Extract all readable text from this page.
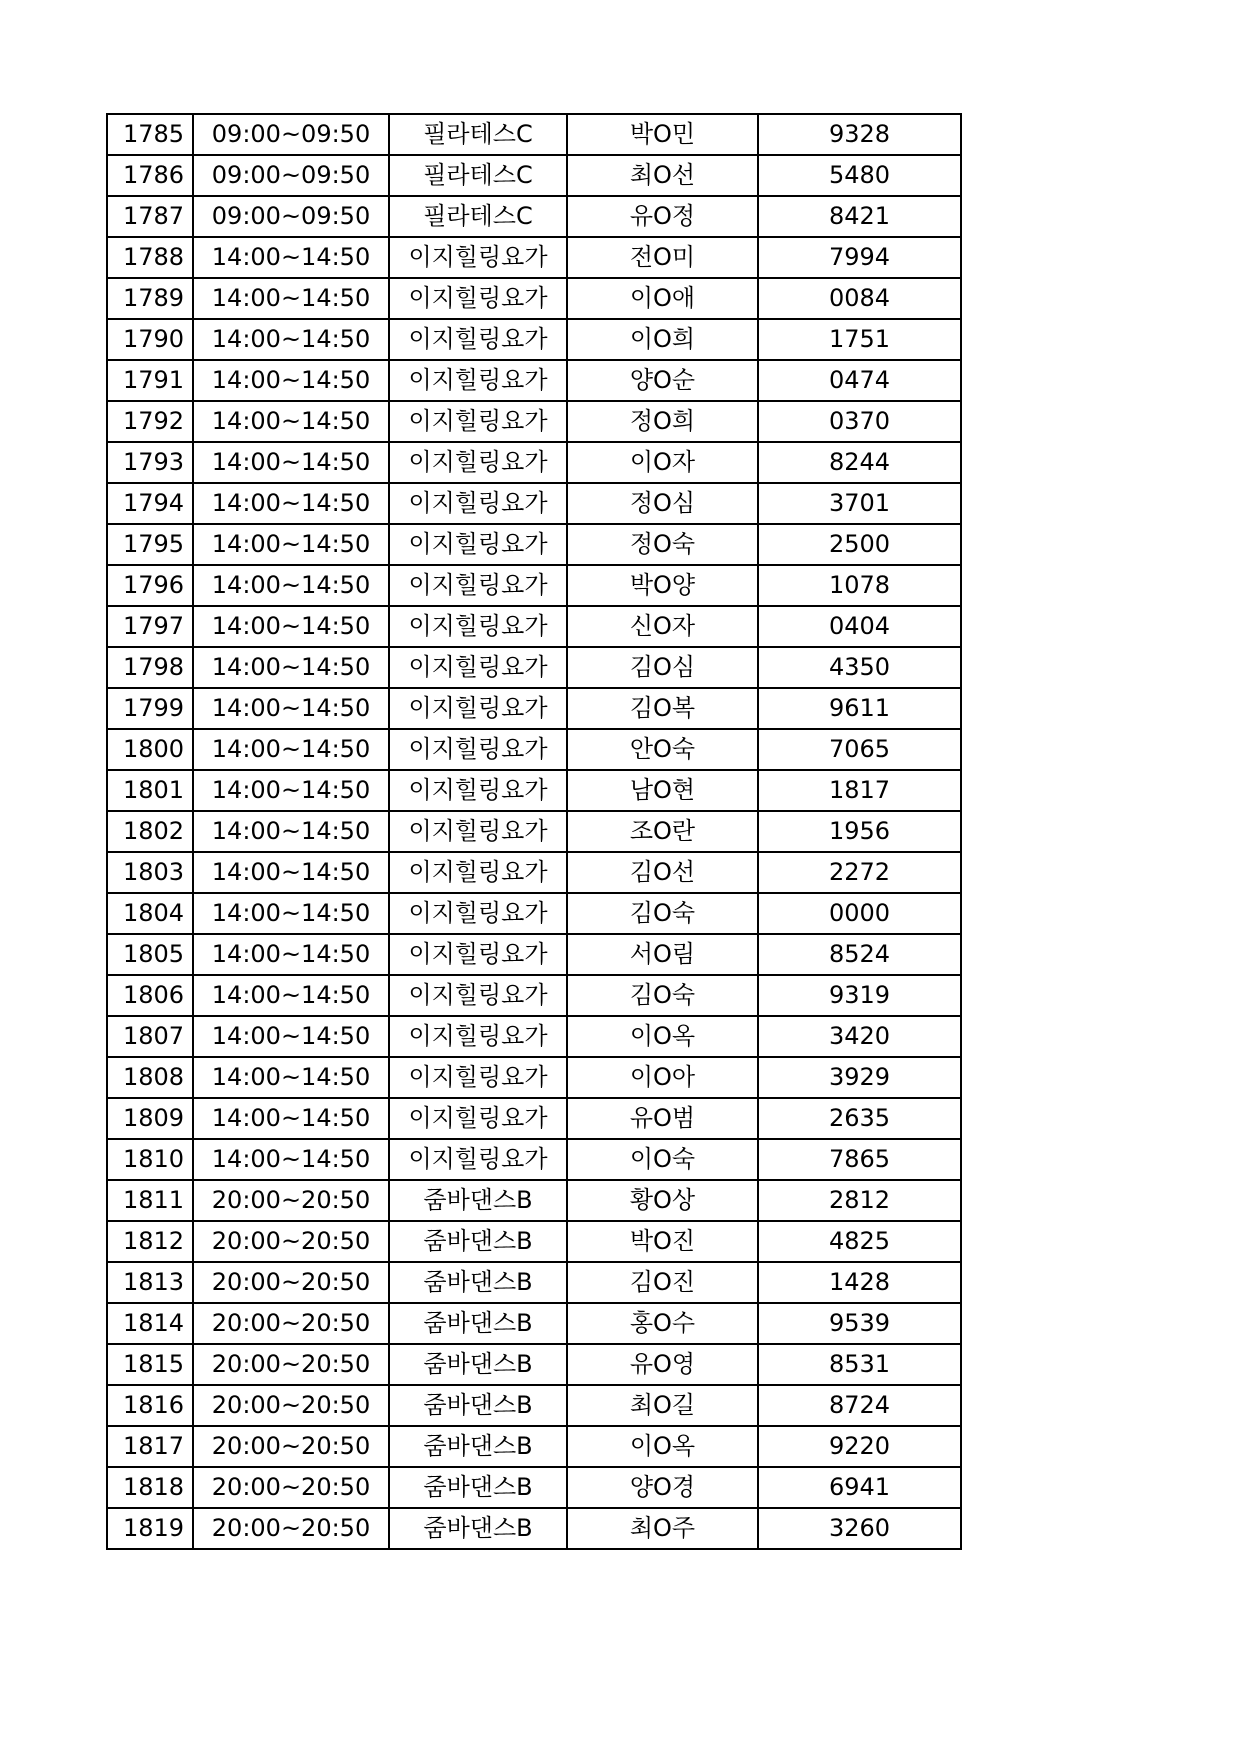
1785	09:00~09:50	필라테스C	박O민	9328
1786	09:00~09:50	필라테스C	최O선	5480
1787	09:00~09:50	필라테스C	유O정	8421
1788	14:00~14:50	이지힐링요가	전O미	7994
1789	14:00~14:50	이지힐링요가	이O애	0084
1790	14:00~14:50	이지힐링요가	이O희	1751
1791	14:00~14:50	이지힐링요가	양O순	0474
1792	14:00~14:50	이지힐링요가	정O희	0370
1793	14:00~14:50	이지힐링요가	이O자	8244
1794	14:00~14:50	이지힐링요가	정O심	3701
1795	14:00~14:50	이지힐링요가	정O숙	2500
1796	14:00~14:50	이지힐링요가	박O양	1078
1797	14:00~14:50	이지힐링요가	신O자	0404
1798	14:00~14:50	이지힐링요가	김O심	4350
1799	14:00~14:50	이지힐링요가	김O복	9611
1800	14:00~14:50	이지힐링요가	안O숙	7065
1801	14:00~14:50	이지힐링요가	남O현	1817
1802	14:00~14:50	이지힐링요가	조O란	1956
1803	14:00~14:50	이지힐링요가	김O선	2272
1804	14:00~14:50	이지힐링요가	김O숙	0000
1805	14:00~14:50	이지힐링요가	서O림	8524
1806	14:00~14:50	이지힐링요가	김O숙	9319
1807	14:00~14:50	이지힐링요가	이O옥	3420
1808	14:00~14:50	이지힐링요가	이O아	3929
1809	14:00~14:50	이지힐링요가	유O범	2635
1810	14:00~14:50	이지힐링요가	이O숙	7865
1811	20:00~20:50	줌바댄스B	황O상	2812
1812	20:00~20:50	줌바댄스B	박O진	4825
1813	20:00~20:50	줌바댄스B	김O진	1428
1814	20:00~20:50	줌바댄스B	홍O수	9539
1815	20:00~20:50	줌바댄스B	유O영	8531
1816	20:00~20:50	줌바댄스B	최O길	8724
1817	20:00~20:50	줌바댄스B	이O옥	9220
1818	20:00~20:50	줌바댄스B	양O경	6941
1819	20:00~20:50	줌바댄스B	최O주	3260
